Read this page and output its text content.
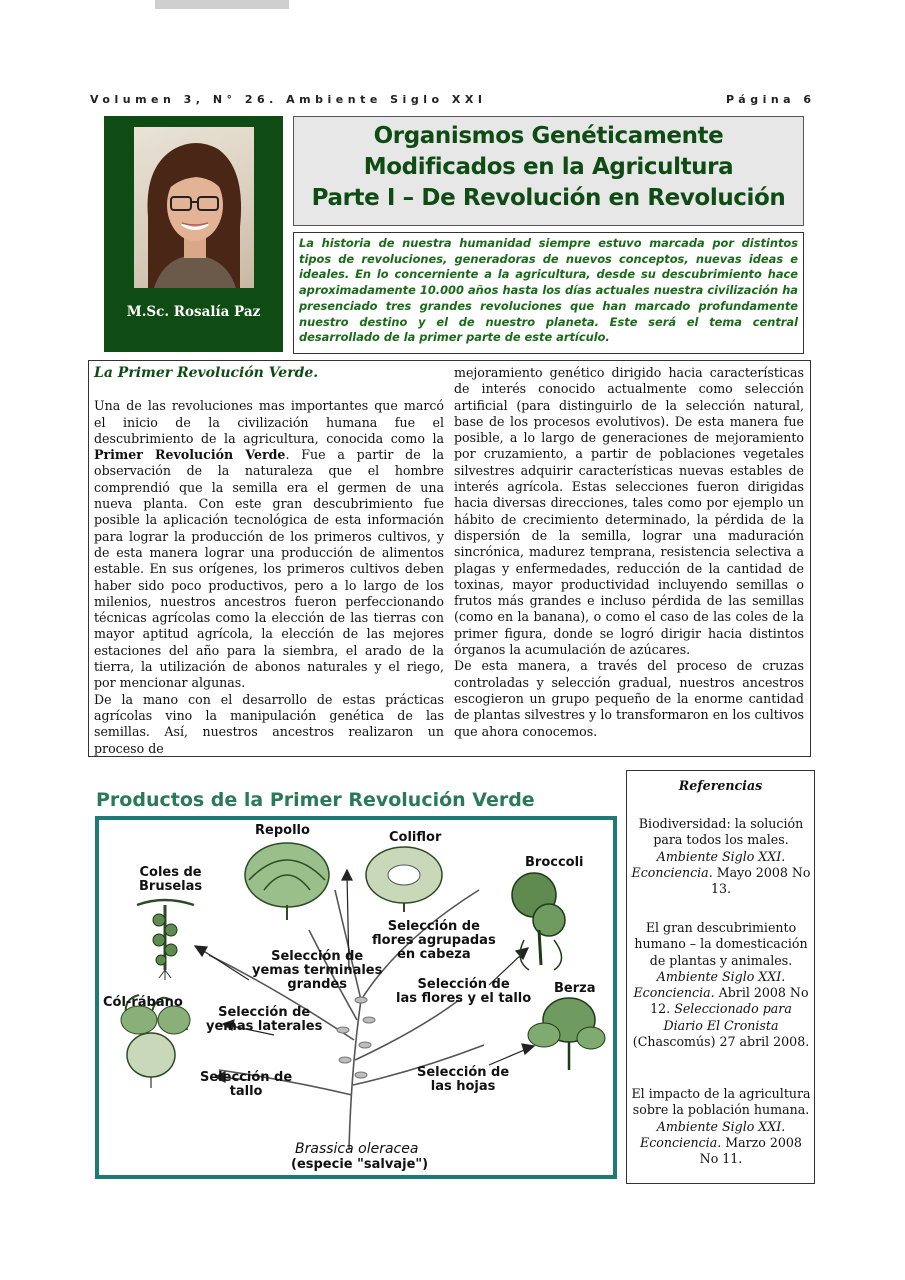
Volumen 3, N° 26. Ambiente Siglo XXI	Página 6
M.Sc. Rosalía Paz
Organismos Genéticamente
Modificados en la Agricultura
Parte I – De Revolución en Revolución

La historia de nuestra humanidad siempre estuvo marcada por distintos tipos de revoluciones, generadoras de nuevos conceptos, nuevas ideas e ideales. En lo concerniente a la agricultura, desde su descubrimiento hace aproximadamente 10.000 años hasta los días actuales nuestra civilización ha presenciado tres grandes revoluciones que han marcado profundamente nuestro destino y el de nuestro planeta. Este será el tema central desarrollado de la primer parte de este artículo.

La Primer Revolución Verde.

Una de las revoluciones mas importantes que marcó el inicio de la civilización humana fue el descubrimiento de la agricultura, conocida como la Primer Revolución Verde. Fue a partir de la observación de la naturaleza que el hombre comprendió que la semilla era el germen de una nueva planta. Con este gran descubrimiento fue posible la aplicación tecnológica de esta información para lograr la producción de los primeros cultivos, y de esta manera lograr una producción de alimentos estable. En sus orígenes, los primeros cultivos deben haber sido poco productivos, pero a lo largo de los milenios, nuestros ancestros fueron perfeccionando técnicas agrícolas como la elección de las tierras con mayor aptitud agrícola, la elección de las mejores estaciones del año para la siembra, el arado de la tierra, la utilización de abonos naturales y el riego, por mencionar algunas.

De la mano con el desarrollo de estas prácticas agrícolas vino la manipulación genética de las semillas. Así, nuestros ancestros realizaron un proceso de

mejoramiento genético dirigido hacia características de interés conocido actualmente como selección artificial (para distinguirlo de la selección natural, base de los procesos evolutivos). De esta manera fue posible, a lo largo de generaciones de mejoramiento por cruzamiento, a partir de poblaciones vegetales silvestres adquirir características nuevas estables de interés agrícola. Estas selecciones fueron dirigidas hacia diversas direcciones, tales como por ejemplo un hábito de crecimiento determinado, la pérdida de la dispersión de la semilla, lograr una maduración sincrónica, madurez temprana, resistencia selectiva a plagas y enfermedades, reducción de la cantidad de toxinas, mayor productividad incluyendo semillas o frutos más grandes e incluso pérdida de las semillas (como en la banana), o como el caso de las coles de la primer figura, donde se logró dirigir hacia distintos órganos la acumulación de azúcares.

De esta manera, a través del proceso de cruzas controladas y selección gradual, nuestros ancestros escogieron un grupo pequeño de la enorme cantidad de plantas silvestres y lo transformaron en los cultivos que ahora conocemos.

Productos de la Primer Revolución Verde
Repollo	Coliflor
Broccoli
Coles de
Bruselas
Selección de
flores agrupadas
en cabeza
Selección de
yemas terminales
grandes	Selección de
las flores y el tallo
Berza
Cól-rábano
Selección de
yemas laterales
Selección de
tallo
Selección de
las hojas
Brassica oleracea
(especie "salvaje")
Referencias
Biodiversidad: la solución para todos los males. Ambiente Siglo XXI. Econciencia. Mayo 2008 No 13.
El gran descubrimiento humano – la domesticación de plantas y animales. Ambiente Siglo XXI. Econciencia. Abril 2008 No 12. Seleccionado para Diario El Cronista (Chascomús) 27 abril 2008.
El impacto de la agricultura sobre la población humana. Ambiente Siglo XXI. Econciencia. Marzo 2008 No 11.
